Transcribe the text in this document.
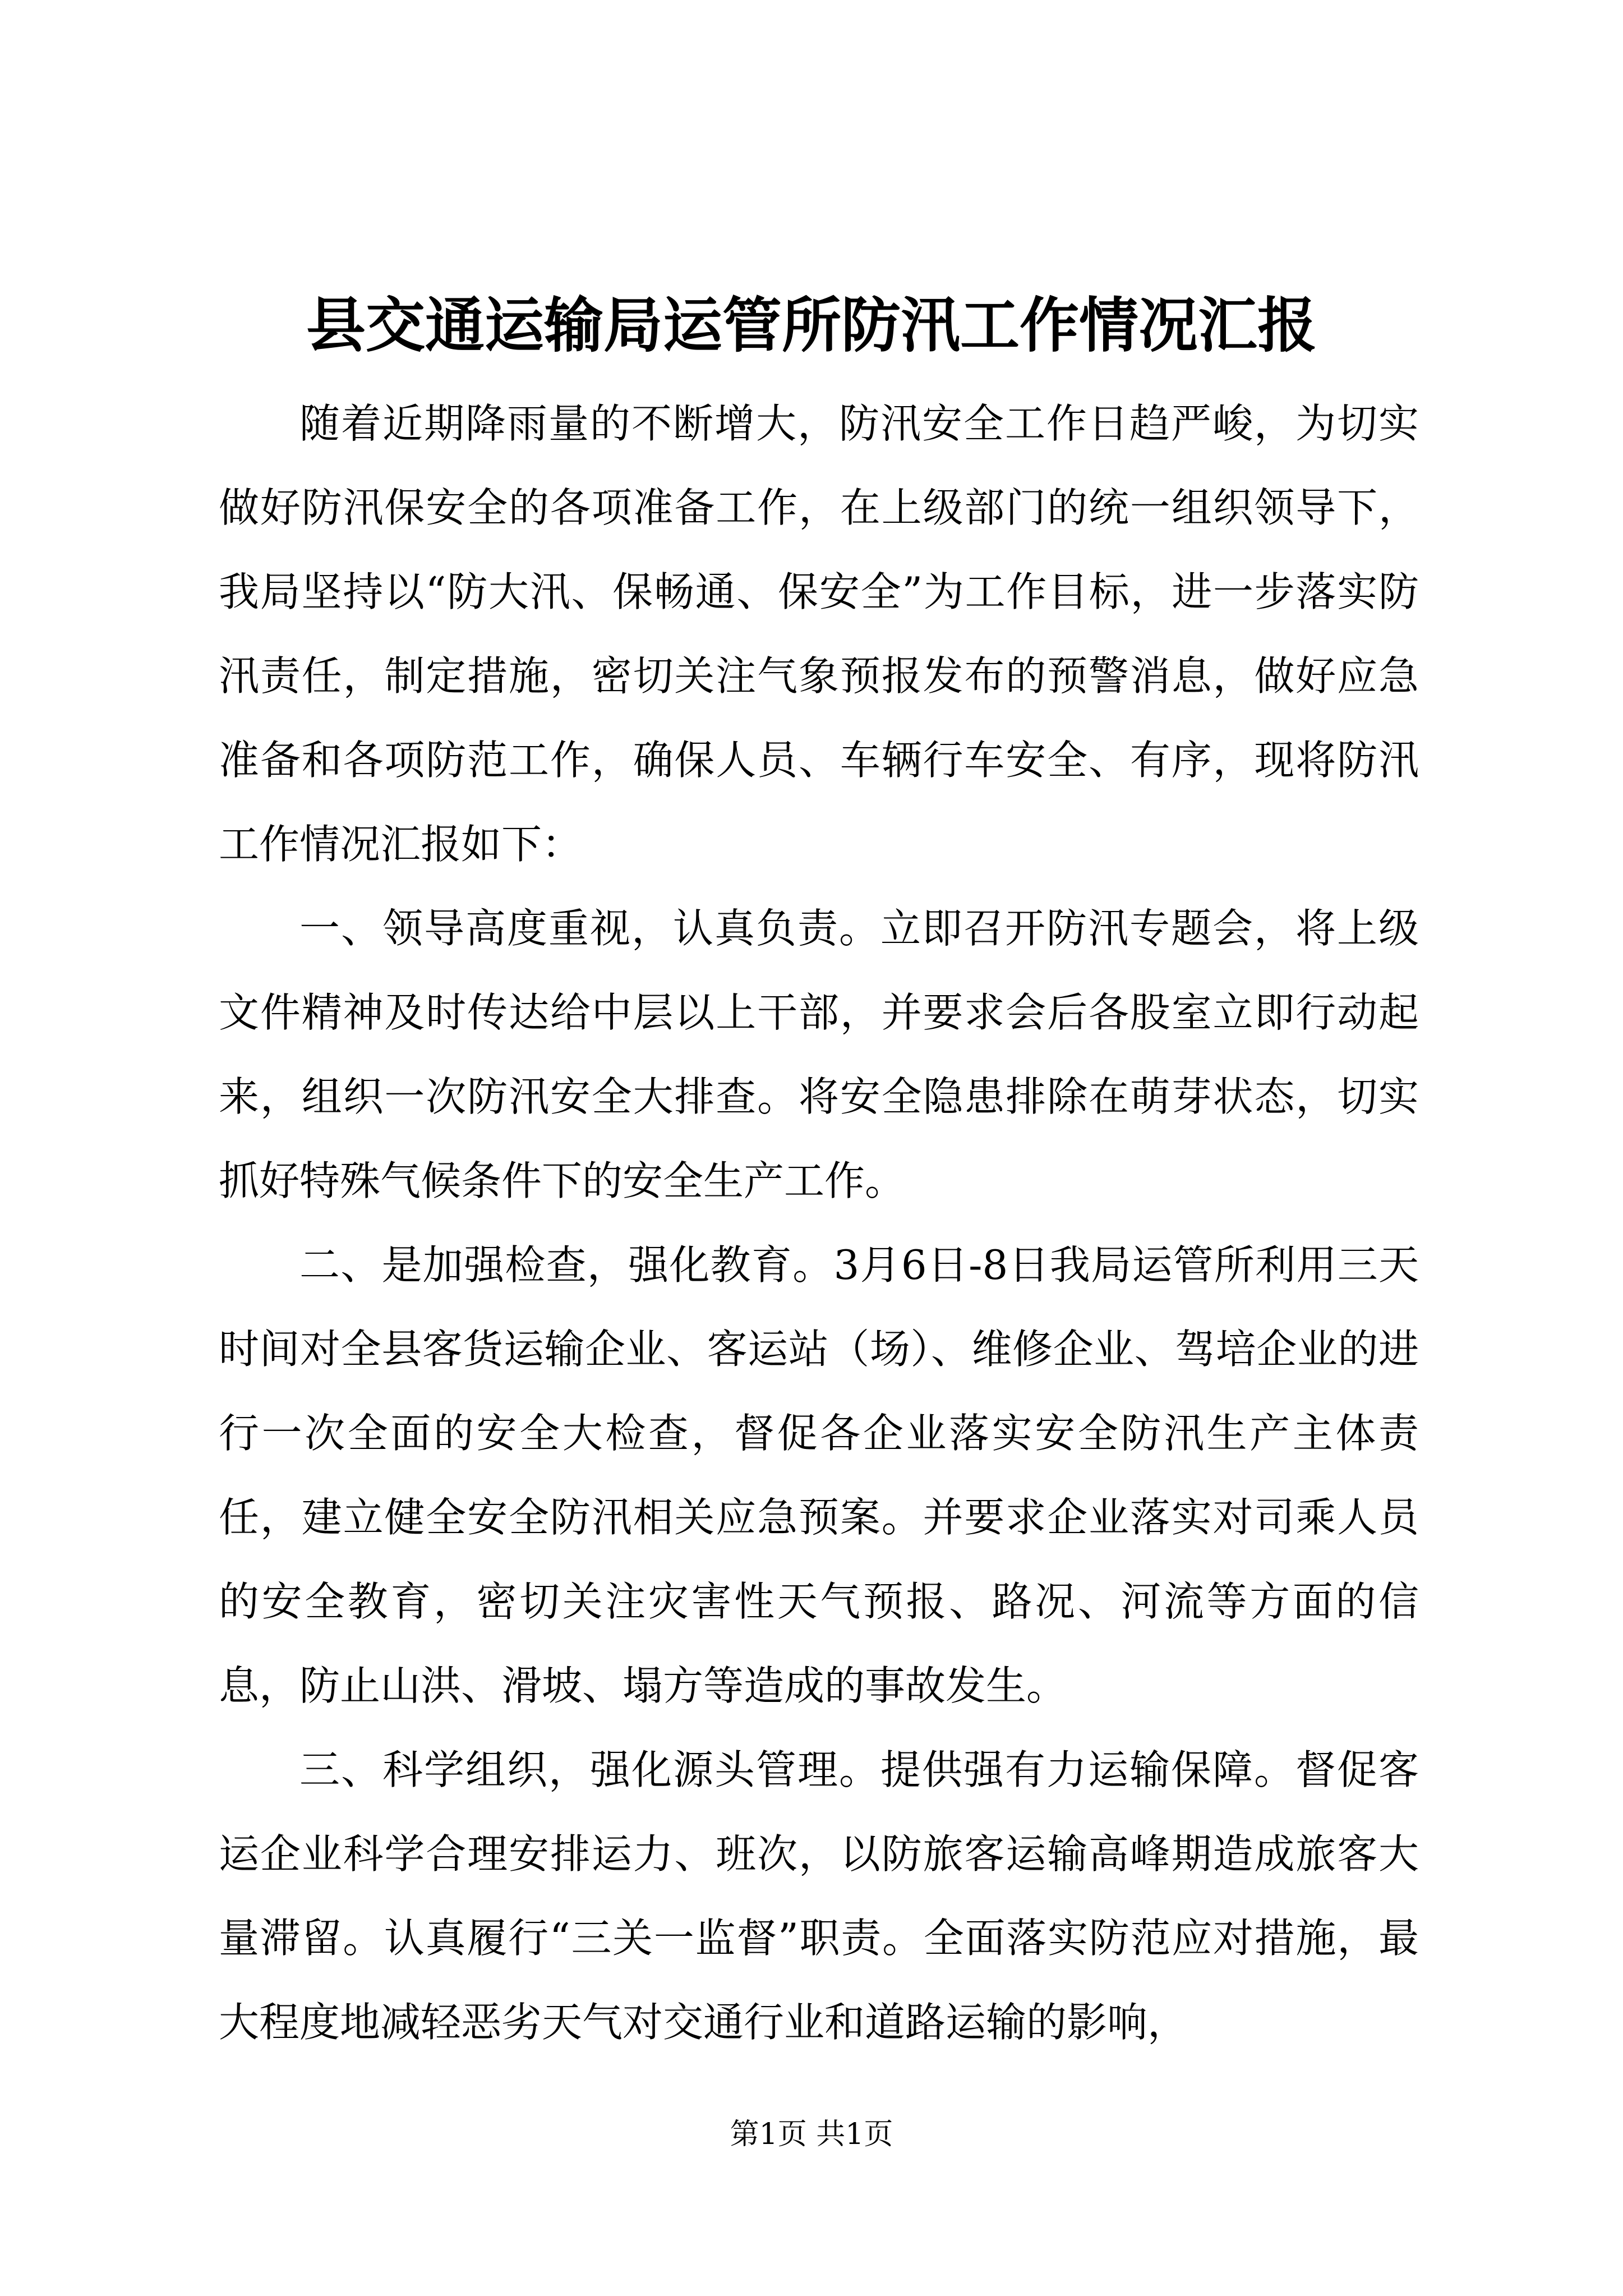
县交通运输局运管所防汛工作情况汇报

随着近期降雨量的不断增大，防汛安全工作日趋严峻，为切实做好防汛保安全的各项准备工作，在上级部门的统一组织领导下，我局坚持以“防大汛、保畅通、保安全”为工作目标，进一步落实防汛责任，制定措施，密切关注气象预报发布的预警消息，做好应急准备和各项防范工作，确保人员、车辆行车安全、有序，现将防汛工作情况汇报如下：

一、领导高度重视，认真负责。立即召开防汛专题会，将上级文件精神及时传达给中层以上干部，并要求会后各股室立即行动起来，组织一次防汛安全大排查。将安全隐患排除在萌芽状态，切实抓好特殊气候条件下的安全生产工作。

二、是加强检查，强化教育。3月6日-8日我局运管所利用三天时间对全县客货运输企业、客运站（场）、维修企业、驾培企业的进行一次全面的安全大检查，督促各企业落实安全防汛生产主体责任，建立健全安全防汛相关应急预案。并要求企业落实对司乘人员的安全教育，密切关注灾害性天气预报、路况、河流等方面的信息，防止山洪、滑坡、塌方等造成的事故发生。

三、科学组织，强化源头管理。提供强有力运输保障。督促客运企业科学合理安排运力、班次，以防旅客运输高峰期造成旅客大量滞留。认真履行“三关一监督”职责。全面落实防范应对措施，最大程度地减轻恶劣天气对交通行业和道路运输的影响，

第1页 共1页
